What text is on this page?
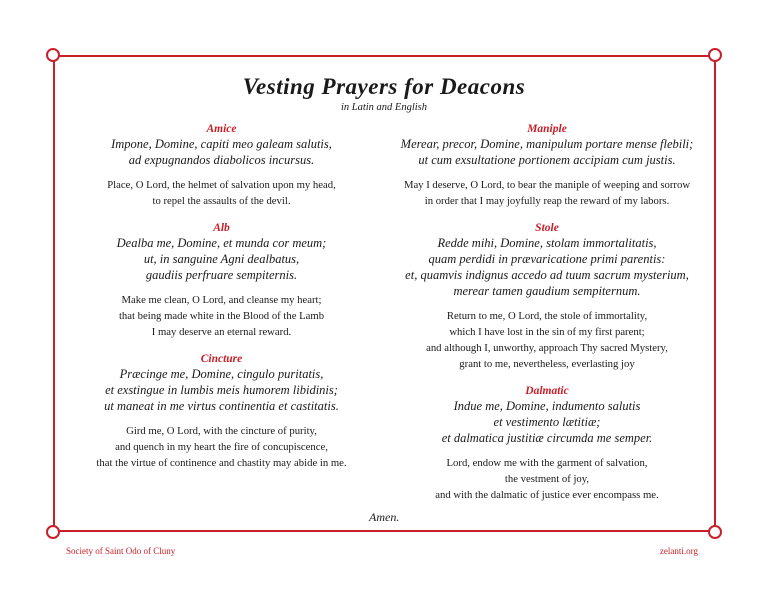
Vesting Prayers for Deacons
in Latin and English
Amice
Impone, Domine, capiti meo galeam salutis,
ad expugnandos diabolicos incursus.
Place, O Lord, the helmet of salvation upon my head,
to repel the assaults of the devil.
Alb
Dealba me, Domine, et munda cor meum;
ut, in sanguine Agni dealbatus,
gaudiis perfruare sempiternis.
Make me clean, O Lord, and cleanse my heart;
that being made white in the Blood of the Lamb
I may deserve an eternal reward.
Cincture
Præcinge me, Domine, cingulo puritatis,
et exstingue in lumbis meis humorem libidinis;
ut maneat in me virtus continentia et castitatis.
Gird me, O Lord, with the cincture of purity,
and quench in my heart the fire of concupiscence,
that the virtue of continence and chastity may abide in me.
Maniple
Merear, precor, Domine, manipulum portare mense flebili;
ut cum exsultatione portionem accipiam cum justis.
May I deserve, O Lord, to bear the maniple of weeping and sorrow
in order that I may joyfully reap the reward of my labors.
Stole
Redde mihi, Domine, stolam immortalitatis,
quam perdidi in prævaricatione primi parentis:
et, quamvis indignus accedo ad tuum sacrum mysterium,
merear tamen gaudium sempiternum.
Return to me, O Lord, the stole of immortality,
which I have lost in the sin of my first parent;
and although I, unworthy, approach Thy sacred Mystery,
grant to me, nevertheless, everlasting joy
Dalmatic
Indue me, Domine, indumento salutis
et vestimento lætitiæ;
et dalmatica justitiæ circumda me semper.
Lord, endow me with the garment of salvation,
the vestment of joy,
and with the dalmatic of justice ever encompass me.
Amen.
Society of Saint Odo of Cluny	zelanti.org
